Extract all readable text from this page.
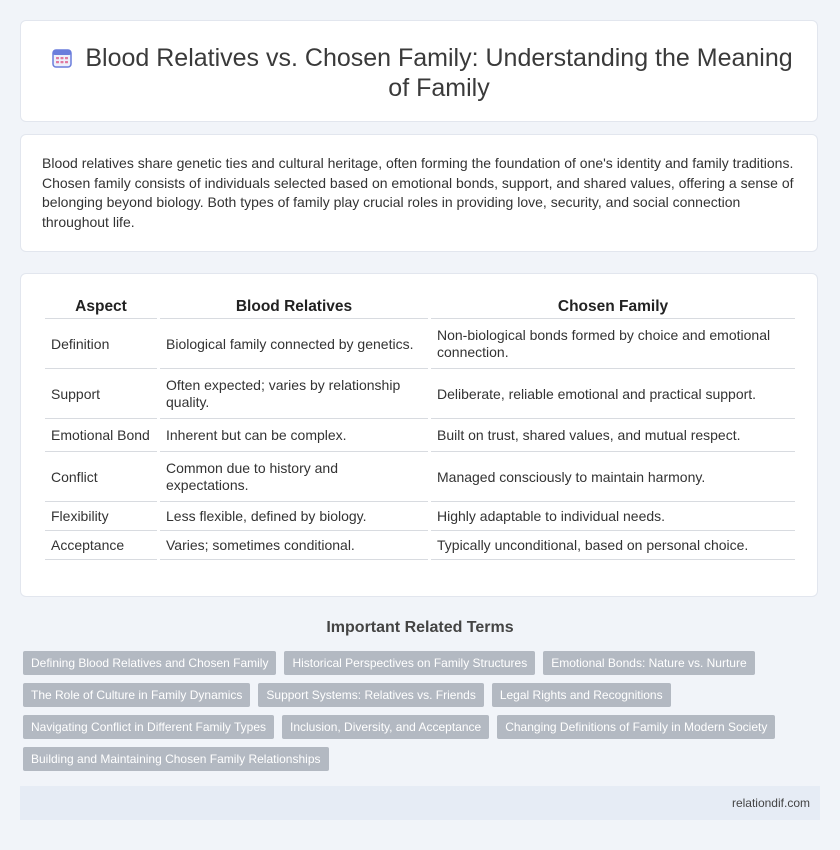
Blood Relatives vs. Chosen Family: Understanding the Meaning of Family

Blood relatives share genetic ties and cultural heritage, often forming the foundation of one's identity and family traditions. Chosen family consists of individuals selected based on emotional bonds, support, and shared values, offering a sense of belonging beyond biology. Both types of family play crucial roles in providing love, security, and social connection throughout life.

Aspect	Blood Relatives	Chosen Family
Definition	Biological family connected by genetics.	Non-biological bonds formed by choice and emotional connection.
Support	Often expected; varies by relationship quality.	Deliberate, reliable emotional and practical support.
Emotional Bond	Inherent but can be complex.	Built on trust, shared values, and mutual respect.
Conflict	Common due to history and expectations.	Managed consciously to maintain harmony.
Flexibility	Less flexible, defined by biology.	Highly adaptable to individual needs.
Acceptance	Varies; sometimes conditional.	Typically unconditional, based on personal choice.
Important Related Terms
Defining Blood Relatives and Chosen Family	Historical Perspectives on Family Structures	Emotional Bonds: Nature vs. Nurture
The Role of Culture in Family Dynamics	Support Systems: Relatives vs. Friends	Legal Rights and Recognitions
Navigating Conflict in Different Family Types	Inclusion, Diversity, and Acceptance	Changing Definitions of Family in Modern Society
Building and Maintaining Chosen Family Relationships
relationdif.com
